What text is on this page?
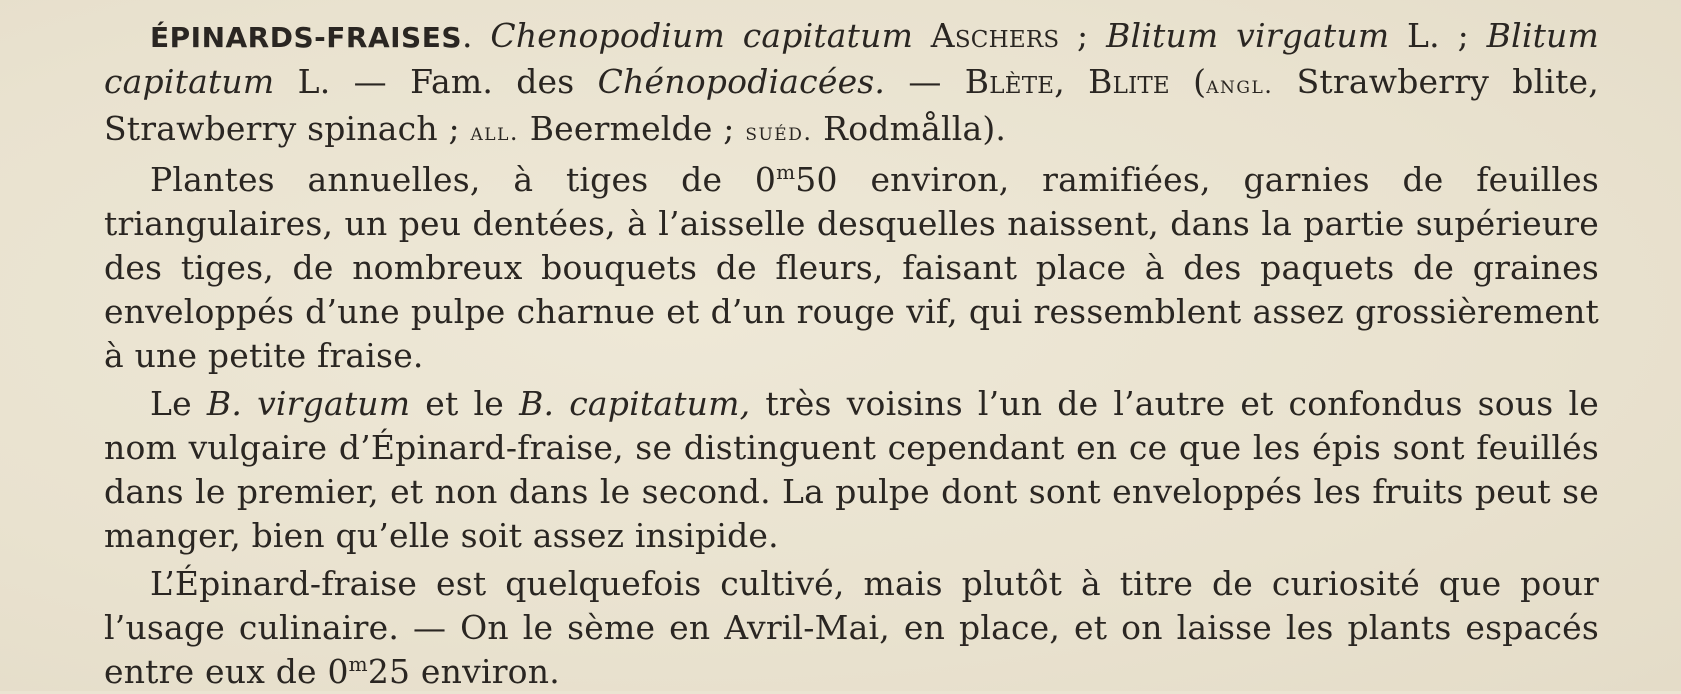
ÉPINARDS-FRAISES. Chenopodium capitatum Aschers ; Blitum virgatum L. ; Blitum capitatum L. — Fam. des Chénopodiacées. — Blète, Blite (angl. Strawberry blite, Strawberry spinach ; all. Beermelde ; suéd. Rodmålla).

Plantes annuelles, à tiges de 0$^m$50 environ, ramifiées, garnies de feuilles triangulaires, un peu dentées, à l’aisselle desquelles naissent, dans la partie supérieure des tiges, de nombreux bouquets de fleurs, faisant place à des paquets de graines enveloppés d’une pulpe charnue et d’un rouge vif, qui ressemblent assez grossièrement à une petite fraise.

Le B. virgatum et le B. capitatum, très voisins l’un de l’autre et confondus sous le nom vulgaire d’Épinard-fraise, se distinguent cependant en ce que les épis sont feuillés dans le premier, et non dans le second. La pulpe dont sont enveloppés les fruits peut se manger, bien qu’elle soit assez insipide.

L’Épinard-fraise est quelquefois cultivé, mais plutôt à titre de curiosité que pour l’usage culinaire. — On le sème en Avril-Mai, en place, et on laisse les plants espacés entre eux de 0$^m$25 environ.
